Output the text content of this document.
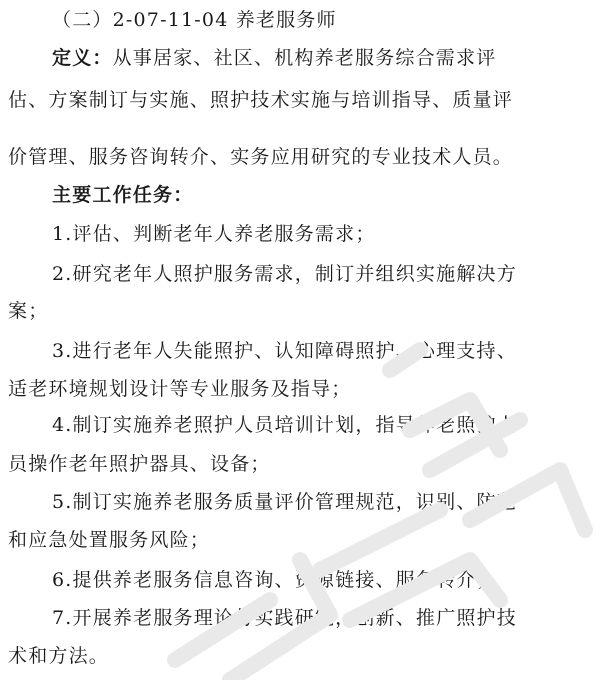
（二）2-07-11-04 养老服务师
定义：从事居家、社区、机构养老服务综合需求评
估、方案制订与实施、照护技术实施与培训指导、质量评
价管理、服务咨询转介、实务应用研究的专业技术人员。
主要工作任务：
1.评估、判断老年人养老服务需求；
2.研究老年人照护服务需求，制订并组织实施解决方
案；
3.进行老年人失能照护、认知障碍照护、心理支持、
适老环境规划设计等专业服务及指导；
4.制订实施养老照护人员培训计划，指导养老照护人
员操作老年照护器具、设备；
5.制订实施养老服务质量评价管理规范，识别、防范
和应急处置服务风险；
6.提供养老服务信息咨询、资源链接、服务转介；
7.开展养老服务理论与实践研究，创新、推广照护技
术和方法。
